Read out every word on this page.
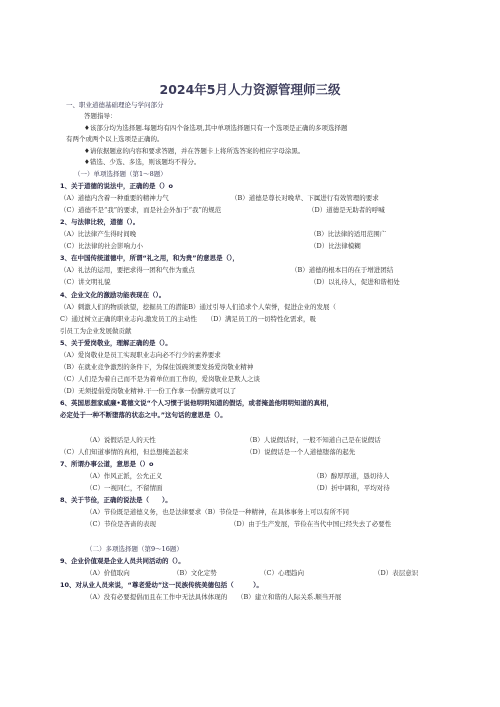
2024年5月人力资源管理师三级
一、职业道德基础理论与学问部分
答题指导：
♦该部分均为选择题.每题均有四个备选项,其中单项选择题只有一个选项是正确的多项选择题
有两个或两个以上选项是正确的。
♦请依据题意的内容和要求答题，并在答题卡上将所选答案的相应字母涂黑。
♦错选、少选、多选，则该题均不得分。
（一）单项选择题（第1～8题）
1、关于道德的说法中，正确的是（）o
（A）道德内含着一种重要的精神力气	（B）道德是尊长对晚辈、下属进行有效管理的要求
（C）道德不是“我”的要求，而是社会外加于“我”的规范	（D）道德是无助者的呼喊
2、与法律比较，道德（）。
（A）比法律产生得时间晚	（B）比法律的适用范围广
（C）比法律的社会影响力小	（D）比法律模糊
3、在中国传统道德中，所谓“礼之用，和为贵”的意思是（），
（A）礼法的运用，要把求得一团和气作为重点	（B）道德的根本目的在于增进团结
（C）讲文明礼貌	（D）以礼待人，促进和谐相处
4、企业文化的激励功能表现在（）。
（A）刺激人们的物质欲望，挖掘员工的潜能B）通过引导人们追求个人荣誉，促进企业的发展（
C）通过树立正确的职业志向.激发员工的主动性　　（D）满足员工的一切特性化需求，吸
引员工为企业发展做贡献
5、关于爱岗敬业，理解正确的是（）。
（A）爱岗敬业是员工实现职业志向必不行少的素养要求
（B）在就业竞争激烈的条件下，为保住饭碗须要发扬爱岗敬业精神
（C）人们是为着自己而不是为着单位而工作的，爱岗敬业是欺人之谈
（D）无须提倡爱岗敬业精神.干一份工作拿一份酬劳就可以了
6、英国思想家威廉•葛德文说“个人习惯于说他明明知道的假话，或者掩盖他明明知道的真相，
必定处于一种不断堕落的状态之中。”这句话的意思是（）。
（A）说假话是人的天性	（B）人说假话时，一般不知道自己是在说假话
（C）人们知道事情的真相，但总想掩盖起来	（D）说假话是一个人道德堕落的起先
7、所谓办事公道，意思是（）o
（A）作风正派，公允正义	（B）醇厚厚道，恳切待人
（C）一视同仁，不留情面	（D）折中调和，平均对待
8、关于节俭，正确的说法是（　　）。
（A）节俭既是道德义务，也是法律要求（B）节俭是一种精神，在具体事务上可以有所不同
（C）节俭是吝啬的表现	（D）由于生产发展，节俭在当代中国已经失去了必要性
（二）多项选择题（第9～16题）
9、企业价值观是企业人员共同活动的（）。
（A）价值取向	（B）文化定势	（C）心理趋向	（D）表层意识
10、对从业人员来说，“尊老爱幼”这一民族传统美德包括（　　　）。
（A）没有必要提倡而且在工作中无法具体体现的　　（B）建立和谐的人际关系.顺当开展
